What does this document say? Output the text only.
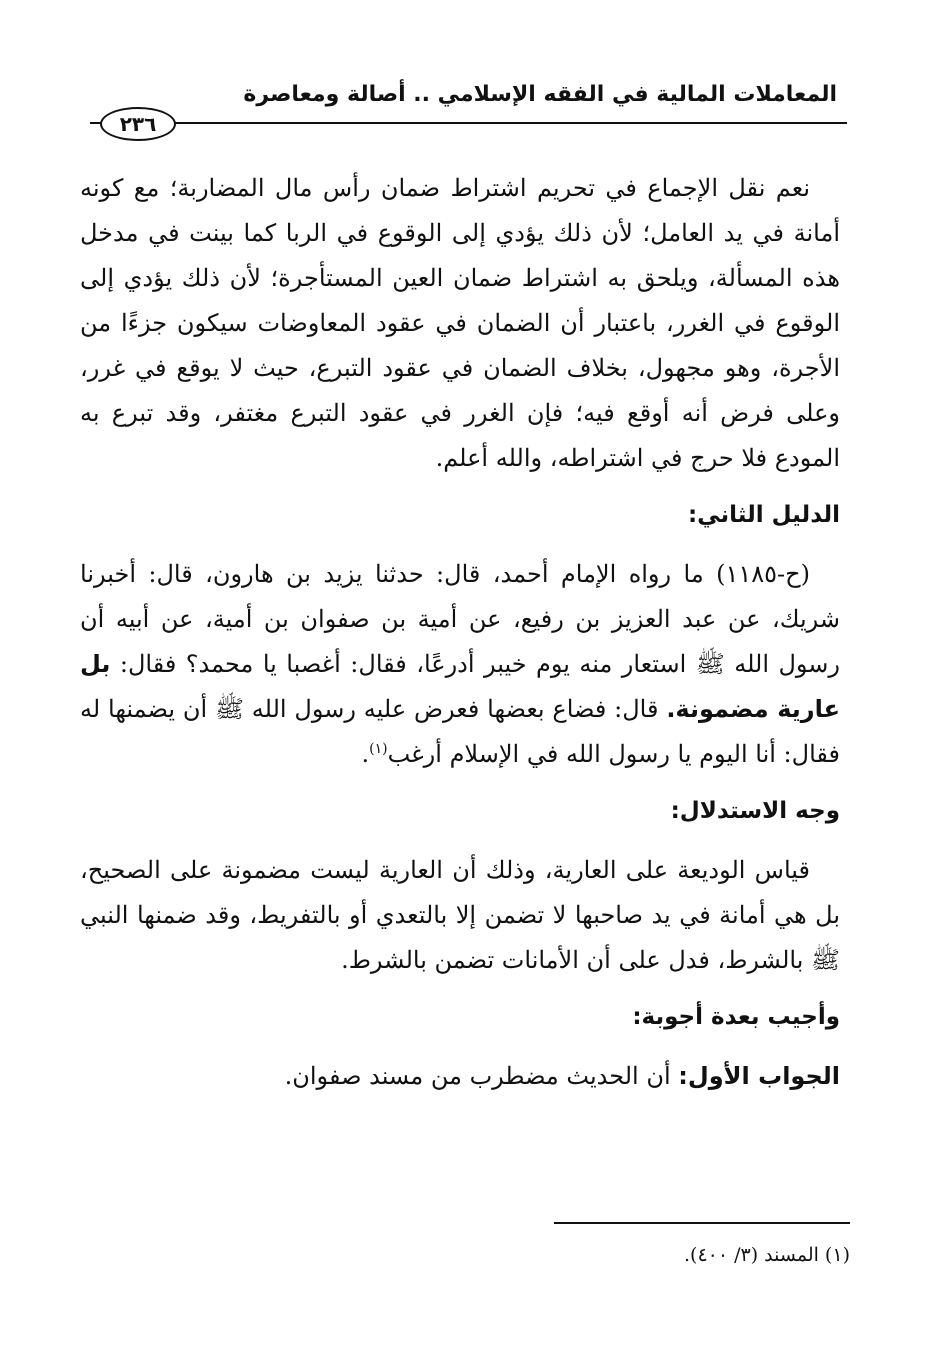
المعاملات المالية في الفقه الإسلامي .. أصالة ومعاصرة
٢٣٦

نعم نقل الإجماع في تحريم اشتراط ضمان رأس مال المضاربة؛ مع كونه أمانة في يد العامل؛ لأن ذلك يؤدي إلى الوقوع في الربا كما بينت في مدخل هذه المسألة، ويلحق به اشتراط ضمان العين المستأجرة؛ لأن ذلك يؤدي إلى الوقوع في الغرر، باعتبار أن الضمان في عقود المعاوضات سيكون جزءًا من الأجرة، وهو مجهول، بخلاف الضمان في عقود التبرع، حيث لا يوقع في غرر، وعلى فرض أنه أوقع فيه؛ فإن الغرر في عقود التبرع مغتفر، وقد تبرع به المودع فلا حرج في اشتراطه، والله أعلم.

الدليل الثاني:

(ح-١١٨٥) ما رواه الإمام أحمد، قال: حدثنا يزيد بن هارون، قال: أخبرنا شريك، عن عبد العزيز بن رفيع، عن أمية بن صفوان بن أمية، عن أبيه أن رسول الله ﷺ استعار منه يوم خيبر أدرعًا، فقال: أغصبا يا محمد؟ فقال: بل عارية مضمونة. قال: فضاع بعضها فعرض عليه رسول الله ﷺ أن يضمنها له فقال: أنا اليوم يا رسول الله في الإسلام أرغب$^{(١)}$.

وجه الاستدلال:

قياس الوديعة على العارية، وذلك أن العارية ليست مضمونة على الصحيح، بل هي أمانة في يد صاحبها لا تضمن إلا بالتعدي أو بالتفريط، وقد ضمنها النبي ﷺ بالشرط، فدل على أن الأمانات تضمن بالشرط.

وأجيب بعدة أجوبة:

الجواب الأول: أن الحديث مضطرب من مسند صفوان.

(١) المسند (٣/ ٤٠٠).
